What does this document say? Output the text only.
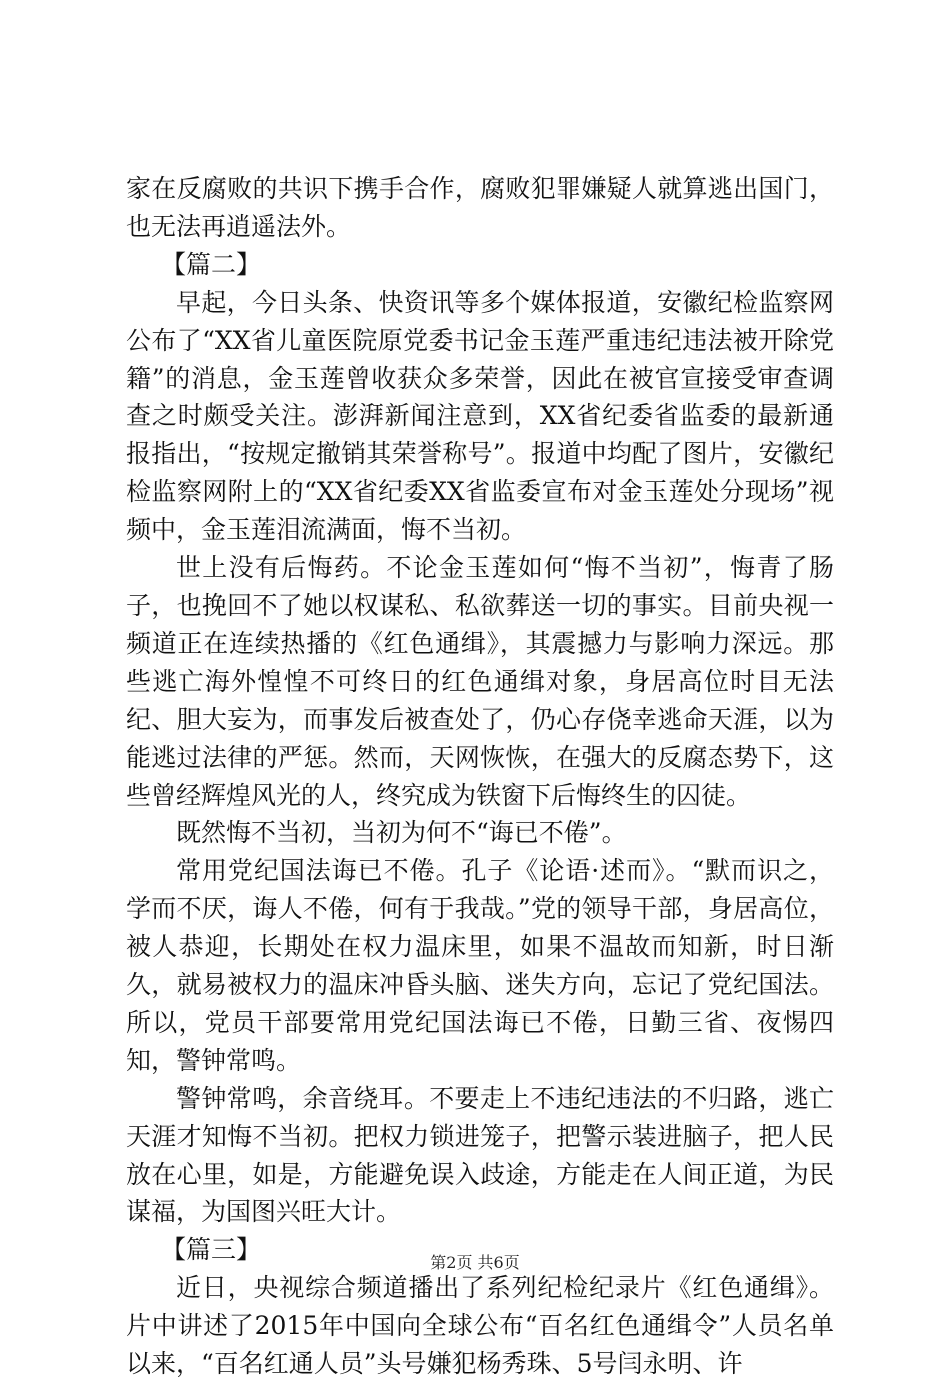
家在反腐败的共识下携手合作，腐败犯罪嫌疑人就算逃出国门，也无法再逍遥法外。

【篇二】

早起，今日头条、快资讯等多个媒体报道，安徽纪检监察网公布了“XX省儿童医院原党委书记金玉莲严重违纪违法被开除党籍”的消息，金玉莲曾收获众多荣誉，因此在被官宣接受审查调查之时颇受关注。澎湃新闻注意到，XX省纪委省监委的最新通报指出，“按规定撤销其荣誉称号”。报道中均配了图片，安徽纪检监察网附上的“XX省纪委XX省监委宣布对金玉莲处分现场”视频中，金玉莲泪流满面，悔不当初。

世上没有后悔药。不论金玉莲如何“悔不当初”，悔青了肠子，也挽回不了她以权谋私、私欲葬送一切的事实。目前央视一频道正在连续热播的《红色通缉》，其震撼力与影响力深远。那些逃亡海外惶惶不可终日的红色通缉对象，身居高位时目无法纪、胆大妄为，而事发后被查处了，仍心存侥幸逃命天涯，以为能逃过法律的严惩。然而，天网恢恢，在强大的反腐态势下，这些曾经辉煌风光的人，终究成为铁窗下后悔终生的囚徒。

既然悔不当初，当初为何不“诲已不倦”。

常用党纪国法诲已不倦。孔子《论语·述而》。“默而识之，学而不厌，诲人不倦，何有于我哉。”党的领导干部，身居高位，被人恭迎，长期处在权力温床里，如果不温故而知新，时日渐久，就易被权力的温床冲昏头脑、迷失方向，忘记了党纪国法。所以，党员干部要常用党纪国法诲已不倦，日勤三省、夜惕四知，警钟常鸣。

警钟常鸣，余音绕耳。不要走上不违纪违法的不归路，逃亡天涯才知悔不当初。把权力锁进笼子，把警示装进脑子，把人民放在心里，如是，方能避免误入歧途，方能走在人间正道，为民谋福，为国图兴旺大计。

【篇三】

近日，央视综合频道播出了系列纪检纪录片《红色通缉》。片中讲述了2015年中国向全球公布“百名红色通缉令”人员名单以来，“百名红通人员”头号嫌犯杨秀珠、5号闫永明、许

第2页 共6页
